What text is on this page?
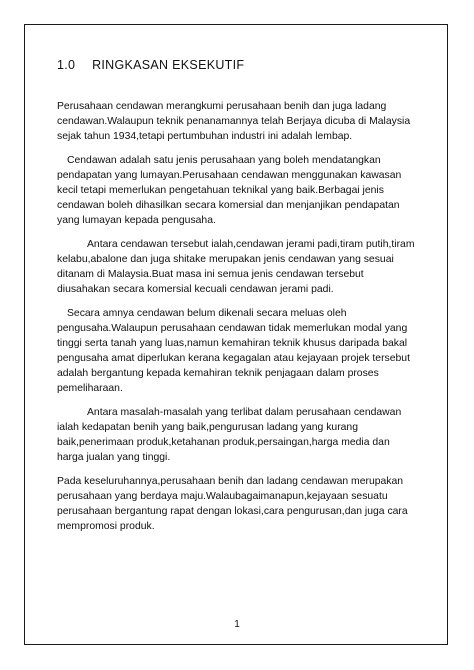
1.0 RINGKASAN EKSEKUTIF

Perusahaan cendawan merangkumi perusahaan benih dan juga ladang cendawan.Walaupun teknik penanamannya telah Berjaya dicuba di Malaysia sejak tahun 1934,tetapi pertumbuhan industri ini adalah lembap.

Cendawan adalah satu jenis perusahaan yang boleh mendatangkan pendapatan yang lumayan.Perusahaan cendawan menggunakan kawasan kecil tetapi memerlukan pengetahuan teknikal yang baik.Berbagai jenis cendawan boleh dihasilkan secara komersial dan menjanjikan pendapatan yang lumayan kepada pengusaha.

Antara cendawan tersebut ialah,cendawan jerami padi,tiram putih,tiram kelabu,abalone dan juga shitake merupakan jenis cendawan yang sesuai ditanam di Malaysia.Buat masa ini semua jenis cendawan tersebut diusahakan secara komersial kecuali cendawan jerami padi.

Secara amnya cendawan belum dikenali secara meluas oleh pengusaha.Walaupun perusahaan cendawan tidak memerlukan modal yang tinggi serta tanah yang luas,namun kemahiran teknik khusus daripada bakal pengusaha amat diperlukan kerana kegagalan atau kejayaan projek tersebut adalah bergantung kepada kemahiran teknik penjagaan dalam proses pemeliharaan.

Antara masalah-masalah yang terlibat dalam perusahaan cendawan ialah kedapatan benih yang baik,pengurusan ladang yang kurang baik,penerimaan produk,ketahanan produk,persaingan,harga media dan harga jualan yang tinggi.

Pada keseluruhannya,perusahaan benih dan ladang cendawan merupakan perusahaan yang berdaya maju.Walaubagaimanapun,kejayaan sesuatu perusahaan bergantung rapat dengan lokasi,cara pengurusan,dan juga cara mempromosi produk.

1
